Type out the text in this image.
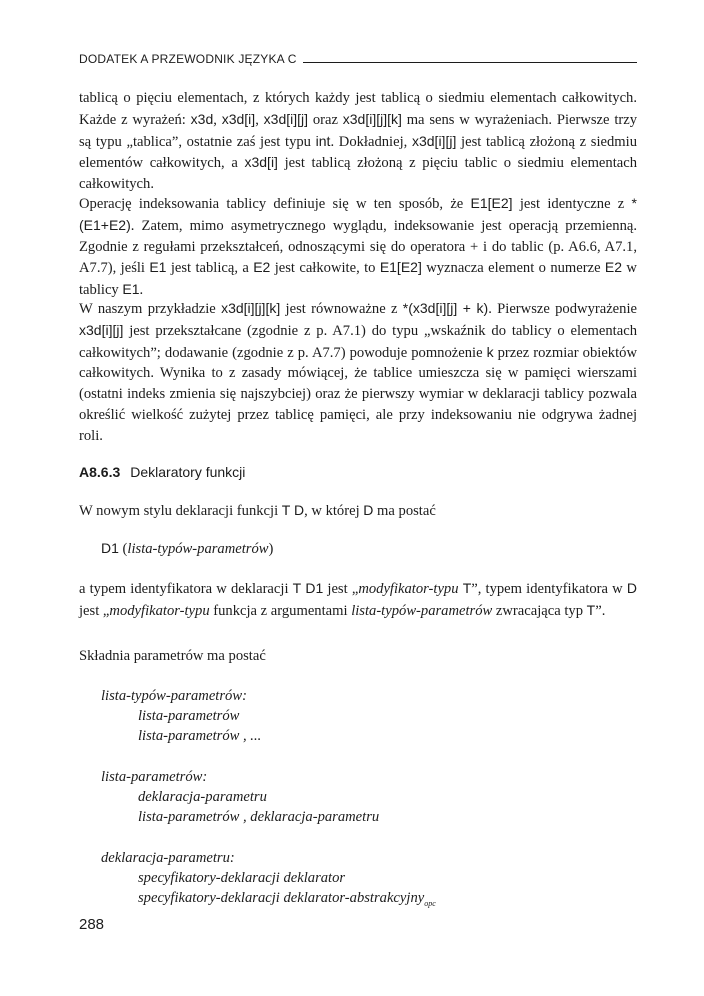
DODATEK A PRZEWODNIK JĘZYKA C

tablicą o pięciu elementach, z których każdy jest tablicą o siedmiu elementach całkowitych. Każde z wyrażeń: x3d, x3d[i], x3d[i][j] oraz x3d[i][j][k] ma sens w wyrażeniach. Pierwsze trzy są typu „tablica”, ostatnie zaś jest typu int. Dokładniej, x3d[i][j] jest tablicą złożoną z siedmiu elementów całkowitych, a x3d[i] jest tablicą złożoną z pięciu tablic o siedmiu elementach całkowitych.

Operację indeksowania tablicy definiuje się w ten sposób, że E1[E2] jest identyczne z *(E1+E2). Zatem, mimo asymetrycznego wyglądu, indeksowanie jest operacją przemienną. Zgodnie z regułami przekształceń, odnoszącymi się do operatora + i do tablic (p. A6.6, A7.1, A7.7), jeśli E1 jest tablicą, a E2 jest całkowite, to E1[E2] wyznacza element o numerze E2 w tablicy E1.

W naszym przykładzie x3d[i][j][k] jest równoważne z *(x3d[i][j] + k). Pierwsze podwyrażenie x3d[i][j] jest przekształcane (zgodnie z p. A7.1) do typu „wskaźnik do tablicy o elementach całkowitych”; dodawanie (zgodnie z p. A7.7) powoduje pomnożenie k przez rozmiar obiektów całkowitych. Wynika to z zasady mówiącej, że tablice umieszcza się w pamięci wierszami (ostatni indeks zmienia się najszybciej) oraz że pierwszy wymiar w deklaracji tablicy pozwala określić wielkość zużytej przez tablicę pamięci, ale przy indeksowaniu nie odgrywa żadnej roli.

A8.6.3 Deklaratory funkcji

W nowym stylu deklaracji funkcji T D, w której D ma postać

D1 (lista-typów-parametrów)

a typem identyfikatora w deklaracji T D1 jest „modyfikator-typu T”, typem identyfikatora w D jest „modyfikator-typu funkcja z argumentami lista-typów-parametrów zwracająca typ T”.

Składnia parametrów ma postać

lista-typów-parametrów:

lista-parametrów

lista-parametrów , ...

lista-parametrów:

deklaracja-parametru

lista-parametrów , deklaracja-parametru

deklaracja-parametru:

specyfikatory-deklaracji deklarator

specyfikatory-deklaracji deklarator-abstrakcyjny$_{opc}$

288
